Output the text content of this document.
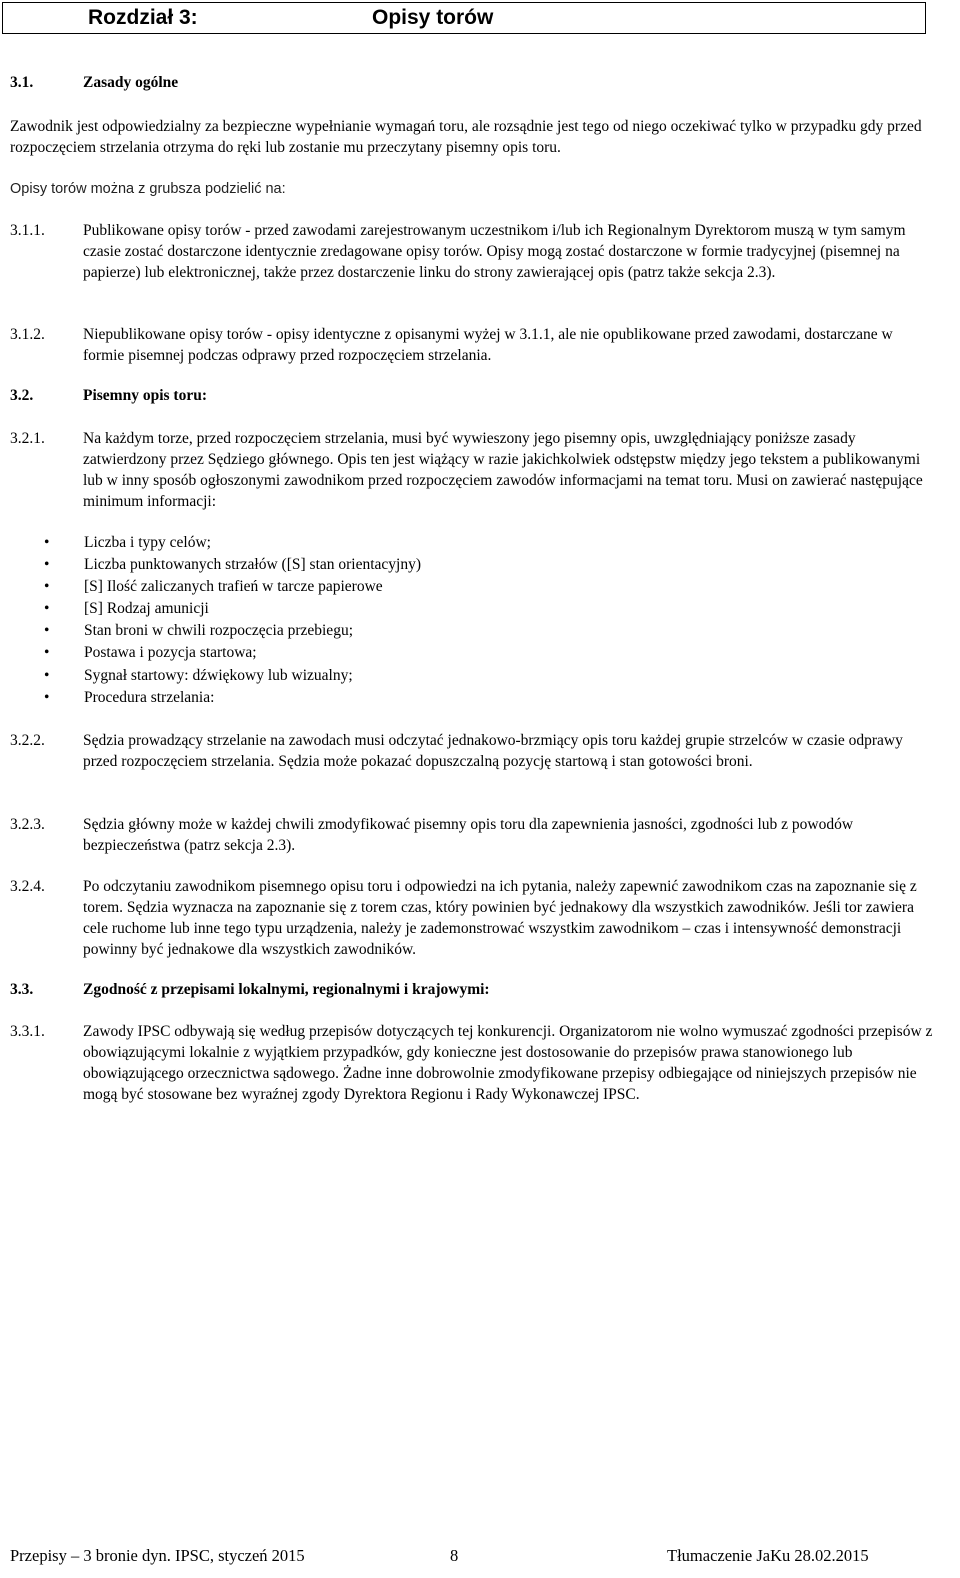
Rozdział 3:	Opisy torów
3.1.	Zasady ogólne
Zawodnik jest odpowiedzialny za bezpieczne wypełnianie wymagań toru, ale rozsądnie jest tego od niego oczekiwać tylko w przypadku gdy przed rozpoczęciem strzelania otrzyma do ręki lub zostanie mu przeczytany pisemny opis toru.
Opisy torów można z grubsza podzielić na:
3.1.1. Publikowane opisy torów - przed zawodami zarejestrowanym uczestnikom i/lub ich Regionalnym Dyrektorom muszą w tym samym czasie zostać dostarczone identycznie zredagowane opisy torów. Opisy mogą zostać dostarczone w formie tradycyjnej (pisemnej na papierze) lub elektronicznej, także przez dostarczenie linku do strony zawierającej opis (patrz także sekcja 2.3).
3.1.2. Niepublikowane opisy torów - opisy identyczne z opisanymi wyżej w 3.1.1, ale nie opublikowane przed zawodami, dostarczane w formie pisemnej podczas odprawy przed rozpoczęciem strzelania.
3.2.	Pisemny opis toru:
3.2.1. Na każdym torze, przed rozpoczęciem strzelania, musi być wywieszony jego pisemny opis, uwzględniający poniższe zasady zatwierdzony przez Sędziego głównego. Opis ten jest wiążący w razie jakichkolwiek odstępstw między jego tekstem a publikowanymi lub w inny sposób ogłoszonymi zawodnikom przed rozpoczęciem zawodów informacjami na temat toru. Musi on zawierać następujące minimum informacji:
• Liczba i typy celów;
• Liczba punktowanych strzałów ([S] stan orientacyjny)
• [S] Ilość zaliczanych trafień w tarcze papierowe
• [S] Rodzaj amunicji
• Stan broni w chwili rozpoczęcia przebiegu;
• Postawa i pozycja startowa;
• Sygnał startowy: dźwiękowy lub wizualny;
• Procedura strzelania:
3.2.2. Sędzia prowadzący strzelanie na zawodach musi odczytać jednakowo-brzmiący opis toru każdej grupie strzelców w czasie odprawy przed rozpoczęciem strzelania. Sędzia może pokazać dopuszczalną pozycję startową i stan gotowości broni.
3.2.3. Sędzia główny może w każdej chwili zmodyfikować pisemny opis toru dla zapewnienia jasności, zgodności lub z powodów bezpieczeństwa (patrz sekcja 2.3).
3.2.4. Po odczytaniu zawodnikom pisemnego opisu toru i odpowiedzi na ich pytania, należy zapewnić zawodnikom czas na zapoznanie się z torem. Sędzia wyznacza na zapoznanie się z torem czas, który powinien być jednakowy dla wszystkich zawodników. Jeśli tor zawiera cele ruchome lub inne tego typu urządzenia, należy je zademonstrować wszystkim zawodnikom – czas i intensywność demonstracji powinny być jednakowe dla wszystkich zawodników.
3.3.	Zgodność z przepisami lokalnymi, regionalnymi i krajowymi:
3.3.1. Zawody IPSC odbywają się według przepisów dotyczących tej konkurencji. Organizatorom nie wolno wymuszać zgodności przepisów z obowiązującymi lokalnie z wyjątkiem przypadków, gdy konieczne jest dostosowanie do przepisów prawa stanowionego lub obowiązującego orzecznictwa sądowego. Żadne inne dobrowolnie zmodyfikowane przepisy odbiegające od niniejszych przepisów nie mogą być stosowane bez wyraźnej zgody Dyrektora Regionu i Rady Wykonawczej IPSC.
Przepisy – 3 bronie dyn. IPSC, styczeń 2015	8	Tłumaczenie JaKu 28.02.2015
